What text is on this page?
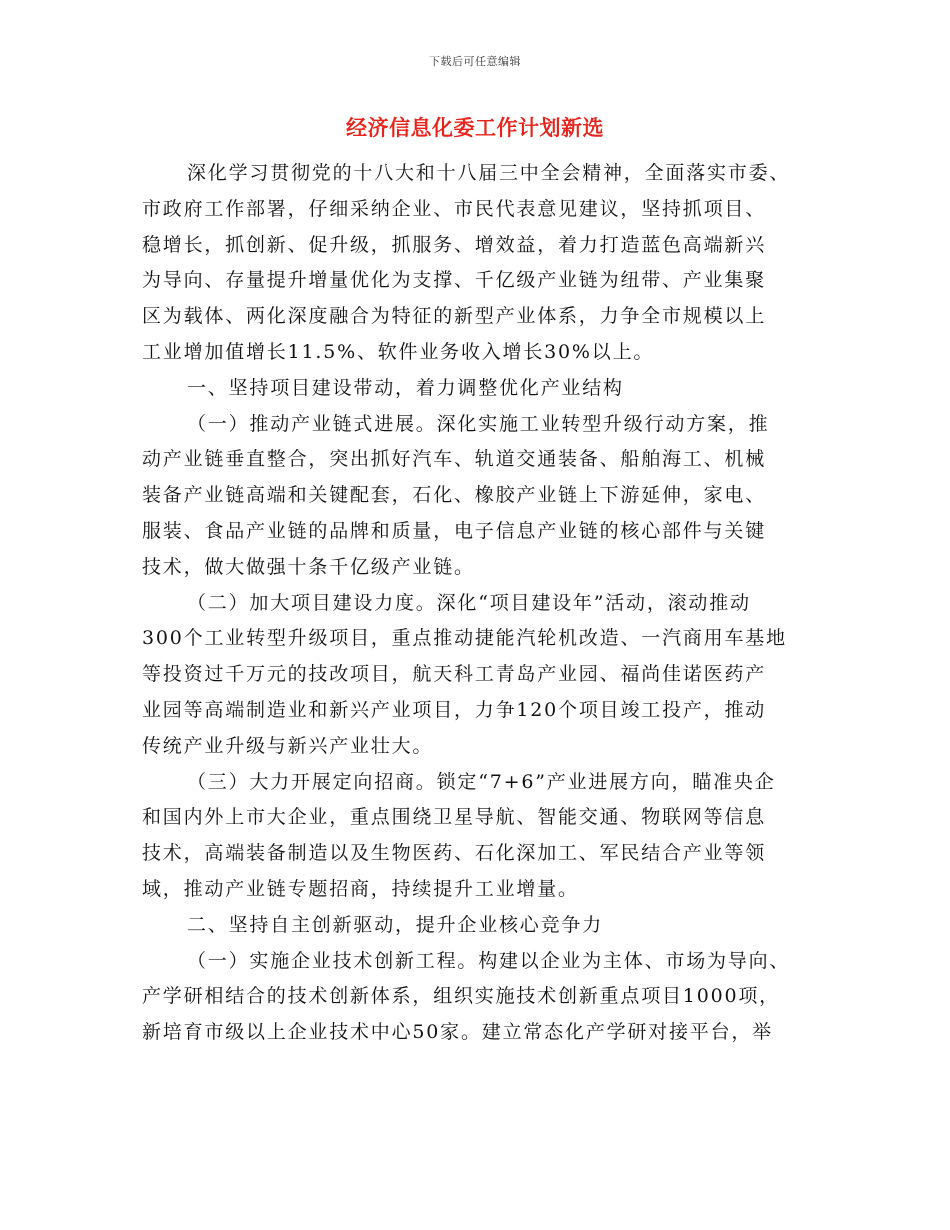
下载后可任意编辑
经济信息化委工作计划新选
深化学习贯彻党的十八大和十八届三中全会精神，全面落实市委、
市政府工作部署，仔细采纳企业、市民代表意见建议，坚持抓项目、
稳增长，抓创新、促升级，抓服务、增效益，着力打造蓝色高端新兴
为导向、存量提升增量优化为支撑、千亿级产业链为纽带、产业集聚
区为载体、两化深度融合为特征的新型产业体系，力争全市规模以上
工业增加值增长11.5%、软件业务收入增长30%以上。
一、坚持项目建设带动，着力调整优化产业结构
（一）推动产业链式进展。深化实施工业转型升级行动方案，推
动产业链垂直整合，突出抓好汽车、轨道交通装备、船舶海工、机械
装备产业链高端和关键配套，石化、橡胶产业链上下游延伸，家电、
服装、食品产业链的品牌和质量，电子信息产业链的核心部件与关键
技术，做大做强十条千亿级产业链。
（二）加大项目建设力度。深化“项目建设年”活动，滚动推动
300个工业转型升级项目，重点推动捷能汽轮机改造、一汽商用车基地
等投资过千万元的技改项目，航天科工青岛产业园、福尚佳诺医药产
业园等高端制造业和新兴产业项目，力争120个项目竣工投产，推动
传统产业升级与新兴产业壮大。
（三）大力开展定向招商。锁定“7+6”产业进展方向，瞄准央企
和国内外上市大企业，重点围绕卫星导航、智能交通、物联网等信息
技术，高端装备制造以及生物医药、石化深加工、军民结合产业等领
域，推动产业链专题招商，持续提升工业增量。
二、坚持自主创新驱动，提升企业核心竞争力
（一）实施企业技术创新工程。构建以企业为主体、市场为导向、
产学研相结合的技术创新体系，组织实施技术创新重点项目1000项，
新培育市级以上企业技术中心50家。建立常态化产学研对接平台，举
